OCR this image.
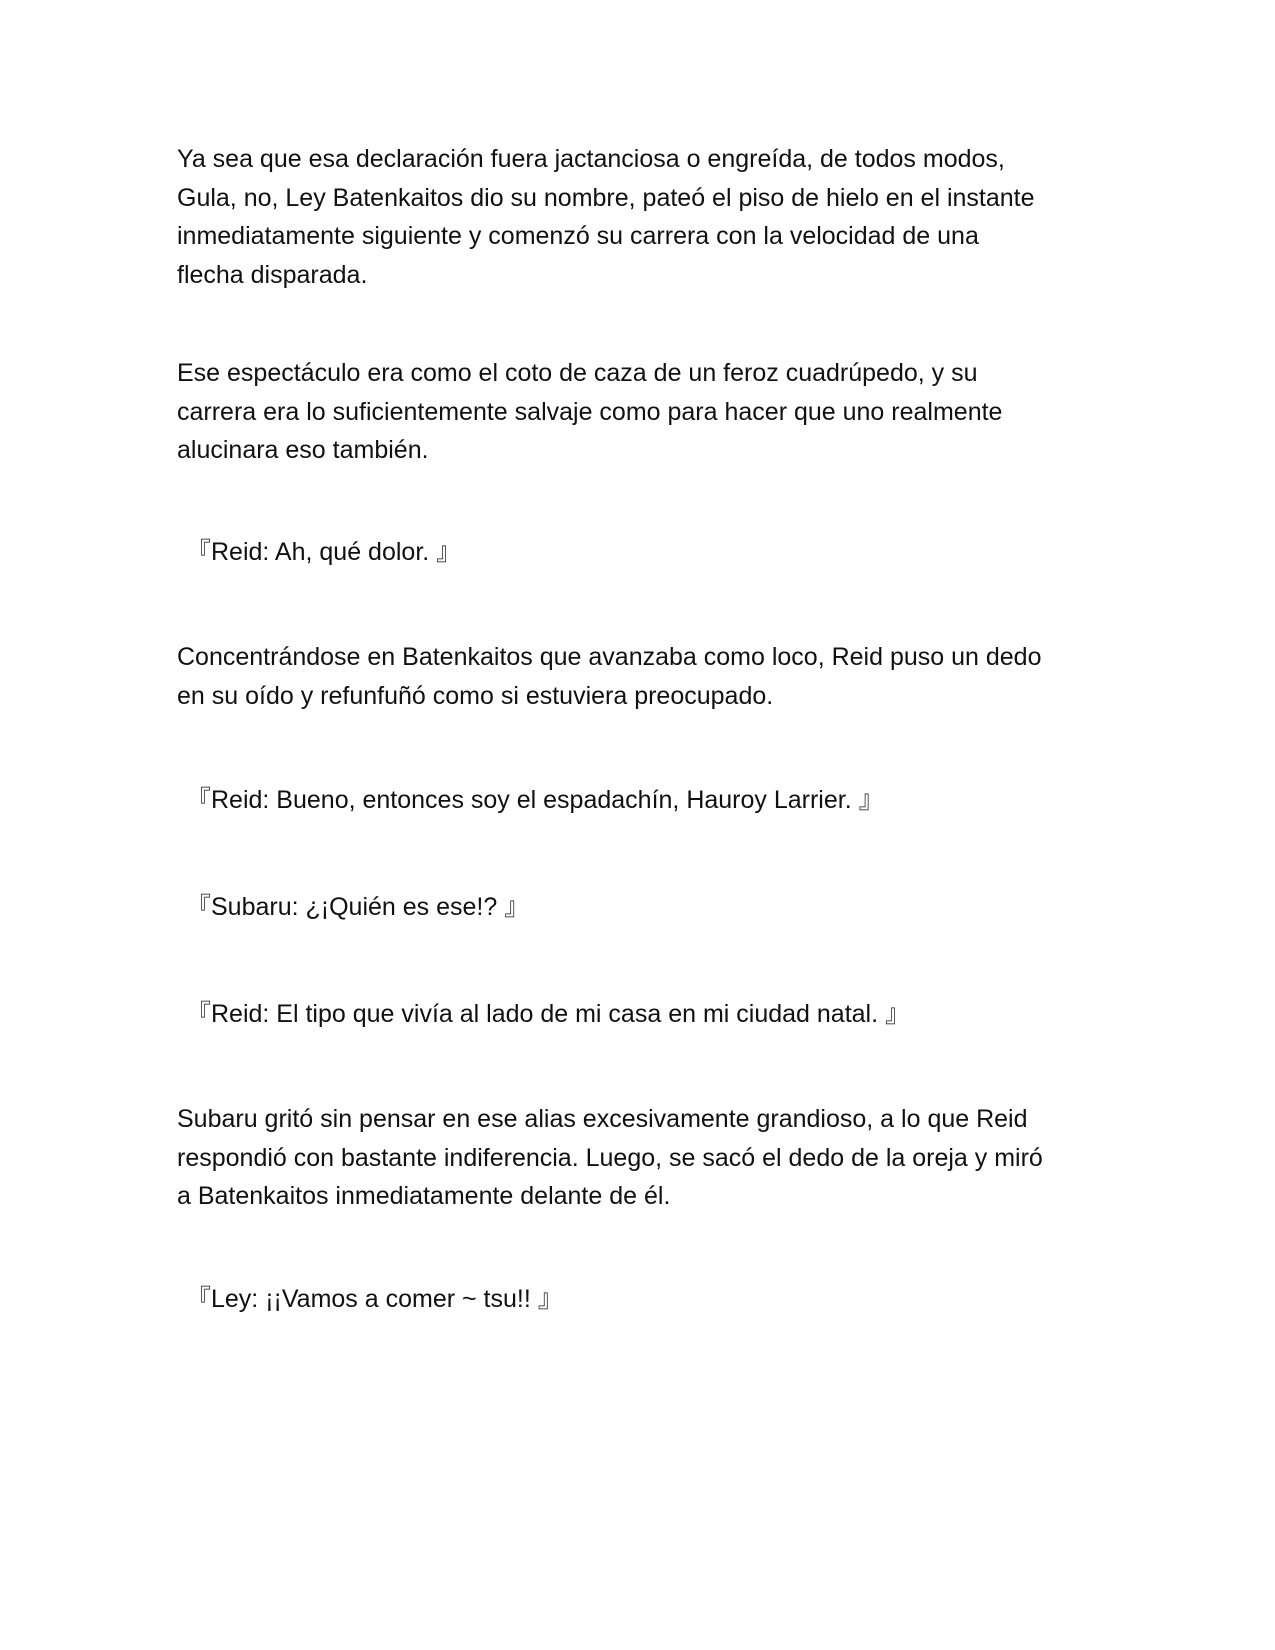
Ya sea que esa declaración fuera jactanciosa o engreída, de todos modos,
Gula, no, Ley Batenkaitos dio su nombre, pateó el piso de hielo en el instante
inmediatamente siguiente y comenzó su carrera con la velocidad de una
flecha disparada.

Ese espectáculo era como el coto de caza de un feroz cuadrúpedo, y su
carrera era lo suficientemente salvaje como para hacer que uno realmente
alucinara eso también.

『Reid: Ah, qué dolor. 』

Concentrándose en Batenkaitos que avanzaba como loco, Reid puso un dedo
en su oído y refunfuñó como si estuviera preocupado.

『Reid: Bueno, entonces soy el espadachín, Hauroy Larrier. 』

『Subaru: ¿¡Quién es ese!? 』

『Reid: El tipo que vivía al lado de mi casa en mi ciudad natal. 』

Subaru gritó sin pensar en ese alias excesivamente grandioso, a lo que Reid
respondió con bastante indiferencia. Luego, se sacó el dedo de la oreja y miró
a Batenkaitos inmediatamente delante de él.

『Ley: ¡¡Vamos a comer ~ tsu!! 』
